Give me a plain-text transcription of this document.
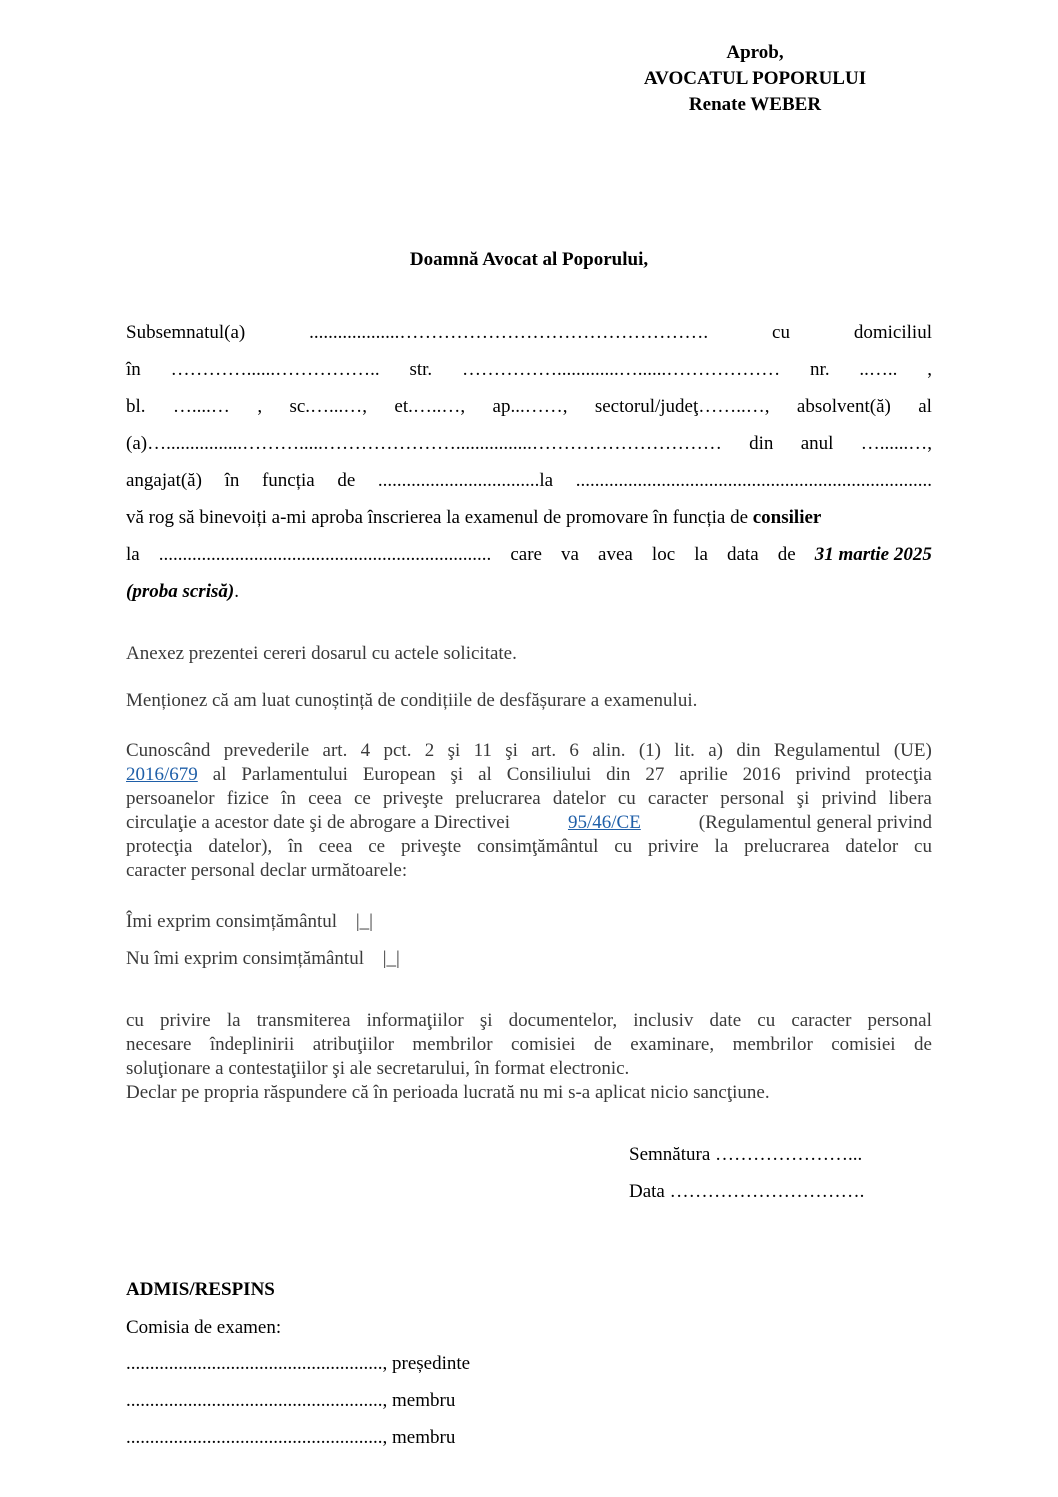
Aprob,
AVOCATUL POPORULUI
Renate WEBER
Doamnă Avocat al Poporului,
Subsemnatul(a)	...................………………………………………….	cu	domiciliul
în …………......…………….. str. …………….............…......……………… nr. ..….. ,
bl. …....… , sc.…...…, et.…..…, ap...……, sectorul/judeţ……..…, absolvent(ă) al
(a)…................……….....…………………................………………………… din anul …......…,
angajat(ă) în funcția de ..................................la ...........................................................................
vă rog să binevoiți a-mi aproba înscrierea la examenul de promovare în funcția de consilier
la ...................................................................... care va avea loc la data de 31 martie 2025
(proba scrisă).
Anexez prezentei cereri dosarul cu actele solicitate.
Menționez că am luat cunoștință de condițiile de desfășurare a examenului.
Cunoscând prevederile art. 4 pct. 2 şi 11 şi art. 6 alin. (1) lit. a) din Regulamentul (UE)
2016/679 al Parlamentului European şi al Consiliului din 27 aprilie 2016 privind protecţia
persoanelor fizice în ceea ce priveşte prelucrarea datelor cu caracter personal şi privind libera
circulaţie a acestor date şi de abrogare a Directivei	95/46/CE	(Regulamentul general privind
protecţia datelor), în ceea ce priveşte consimţământul cu privire la prelucrarea datelor cu
caracter personal declar următoarele:
Îmi exprim consimțământul |_|
Nu îmi exprim consimțământul |_|
cu privire la transmiterea informaţiilor şi documentelor, inclusiv date cu caracter personal
necesare îndeplinirii atribuţiilor membrilor comisiei de examinare, membrilor comisiei de
soluţionare a contestaţiilor şi ale secretarului, în format electronic.
Declar pe propria răspundere că în perioada lucrată nu mi s-a aplicat nicio sancţiune.
Semnătura …………………...
Data ………………………….
ADMIS/RESPINS
Comisia de examen:
......................................................, președinte
......................................................, membru
......................................................, membru
